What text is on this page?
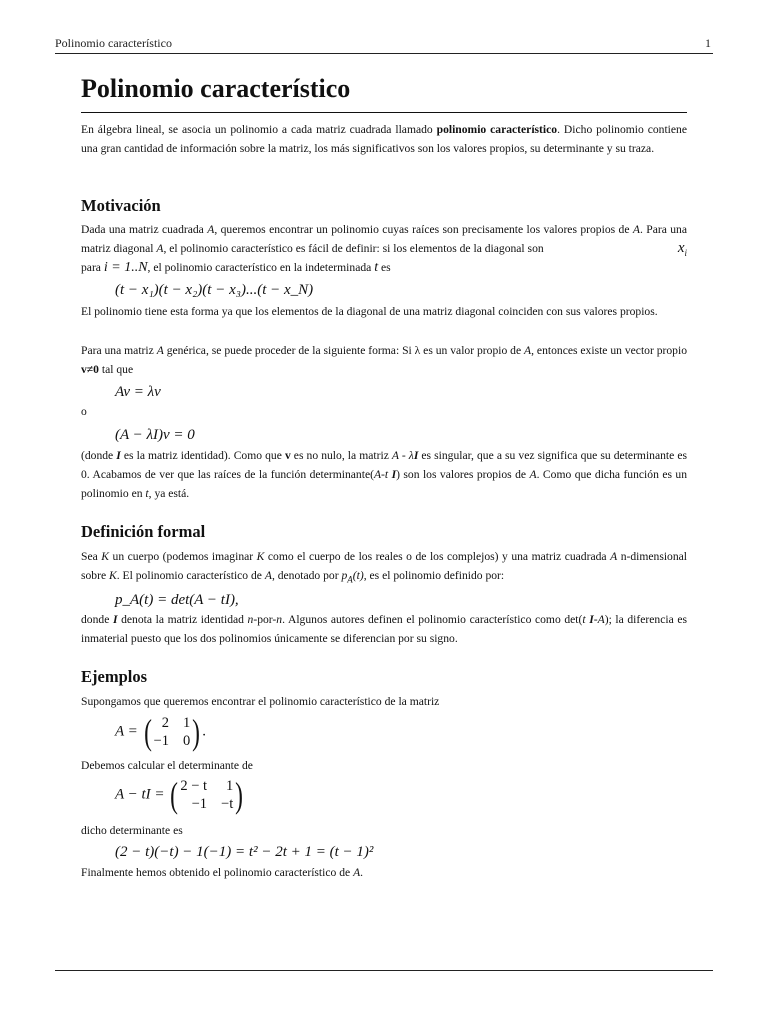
Polinomio característico	1
Polinomio característico

En álgebra lineal, se asocia un polinomio a cada matriz cuadrada llamado polinomio característico. Dicho polinomio contiene una gran cantidad de información sobre la matriz, los más significativos son los valores propios, su determinante y su traza.

Motivación

Dada una matriz cuadrada A, queremos encontrar un polinomio cuyas raíces son precisamente los valores propios de A. Para una matriz diagonal A, el polinomio característico es fácil de definir: si los elementos de la diagonal son	$x_i$

para i = 1..N, el polinomio característico en la indeterminada t es

(t − x₁)(t − x₂)(t − x₃)...(t − x_N)

El polinomio tiene esta forma ya que los elementos de la diagonal de una matriz diagonal coinciden con sus valores propios.

Para una matriz A genérica, se puede proceder de la siguiente forma: Si λ es un valor propio de A, entonces existe un vector propio v≠0 tal que

Av = λv

o

(A − λI)v = 0

(donde I es la matriz identidad). Como que v es no nulo, la matriz A - λI es singular, que a su vez significa que su determinante es 0. Acabamos de ver que las raíces de la función determinante(A-t I) son los valores propios de A. Como que dicha función es un polinomio en t, ya está.

Definición formal

Sea K un cuerpo (podemos imaginar K como el cuerpo de los reales o de los complejos) y una matriz cuadrada A n-dimensional sobre K. El polinomio característico de A, denotado por $p_A(t)$, es el polinomio definido por:

p_A(t) = det(A − tI),

donde I denota la matriz identidad n-por-n. Algunos autores definen el polinomio característico como det(t I-A); la diferencia es inmaterial puesto que los dos polinomios únicamente se diferencian por su signo.

Ejemplos

Supongamos que queremos encontrar el polinomio característico de la matriz

A = ( 2 1
−1 0 ) .

Debemos calcular el determinante de

A − tI = ( 2 − t	1
−1 −t )

dicho determinante es

(2 − t)(−t) − 1(−1) = t² − 2t + 1 = (t − 1)²

Finalmente hemos obtenido el polinomio característico de A.
